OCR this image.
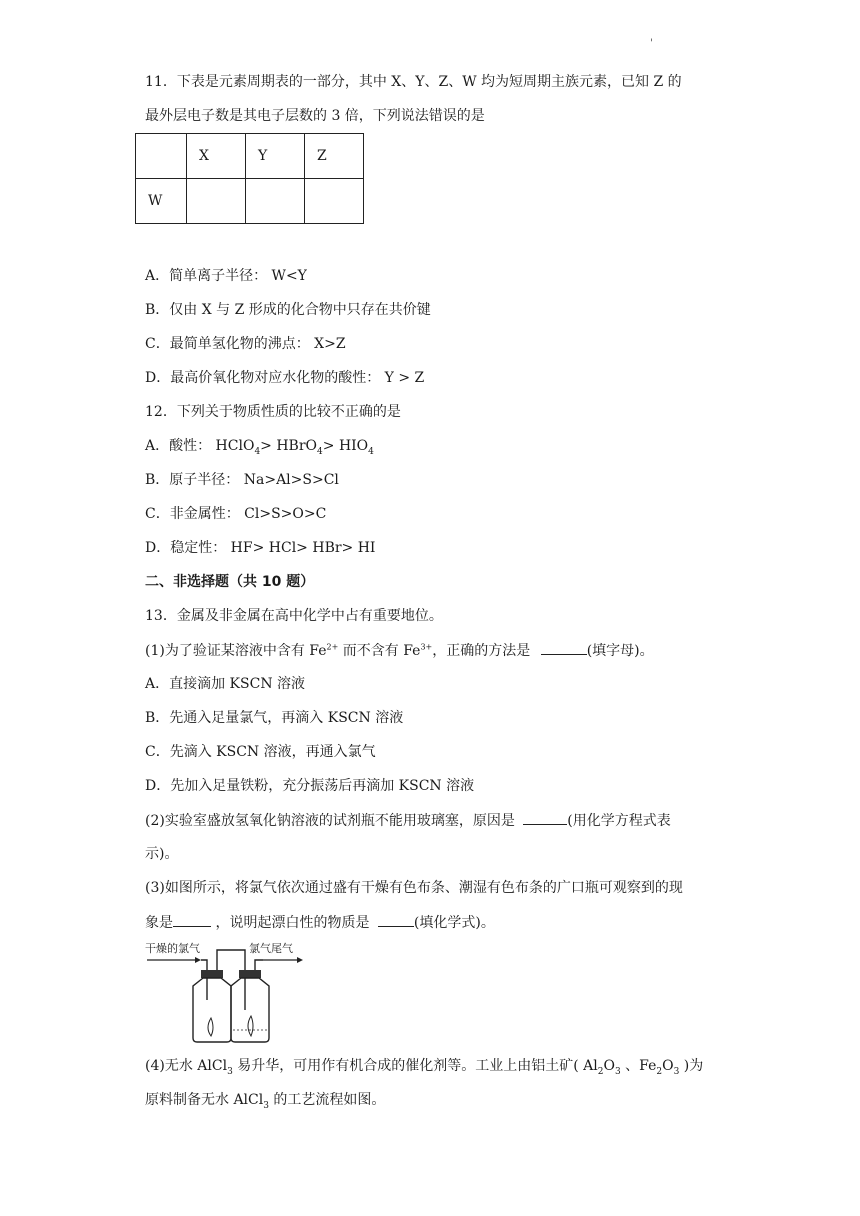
'
11．下表是元素周期表的一部分，其中 X、Y、Z、W 均为短周期主族元素，已知 Z 的
最外层电子数是其电子层数的 3 倍，下列说法错误的是
	X	Y	Z
W			
A．简单离子半径： W<Y
B．仅由 X 与 Z 形成的化合物中只存在共价键
C．最简单氢化物的沸点： X>Z
D．最高价氧化物对应水化物的酸性： Y > Z
12．下列关于物质性质的比较不正确的是
A．酸性： HClO$_4$> HBrO$_4$> $HIO_4$
B．原子半径： Na>Al>S>Cl
C．非金属性： Cl>S>O>C
D．稳定性： HF> HCl> HBr> HI
二、非选择题（共 10 题）
13．金属及非金属在高中化学中占有重要地位。
(1)为了验证某溶液中含有 $Fe^{2+}$ 而不含有 $Fe^{3+}$，正确的方法是	(填字母)。
A．直接滴加 KSCN 溶液
B．先通入足量氯气，再滴入 KSCN 溶液
C．先滴入 KSCN 溶液，再通入氯气
D．先加入足量铁粉，充分振荡后再滴加 KSCN 溶液
(2)实验室盛放氢氧化钠溶液的试剂瓶不能用玻璃塞，原因是	(用化学方程式表
示)。
(3)如图所示，将氯气依次通过盛有干燥有色布条、潮湿有色布条的广口瓶可观察到的现
象是	，说明起漂白性的物质是	(填化学式)。
干燥的氯气	氯气尾气
(4)无水 AlCl$_3$ 易升华，可用作有机合成的催化剂等。工业上由铝土矿( $Al_2O_3$ 、$Fe_2O_3$ )为
原料制备无水 AlCl$_3$ 的工艺流程如图。
